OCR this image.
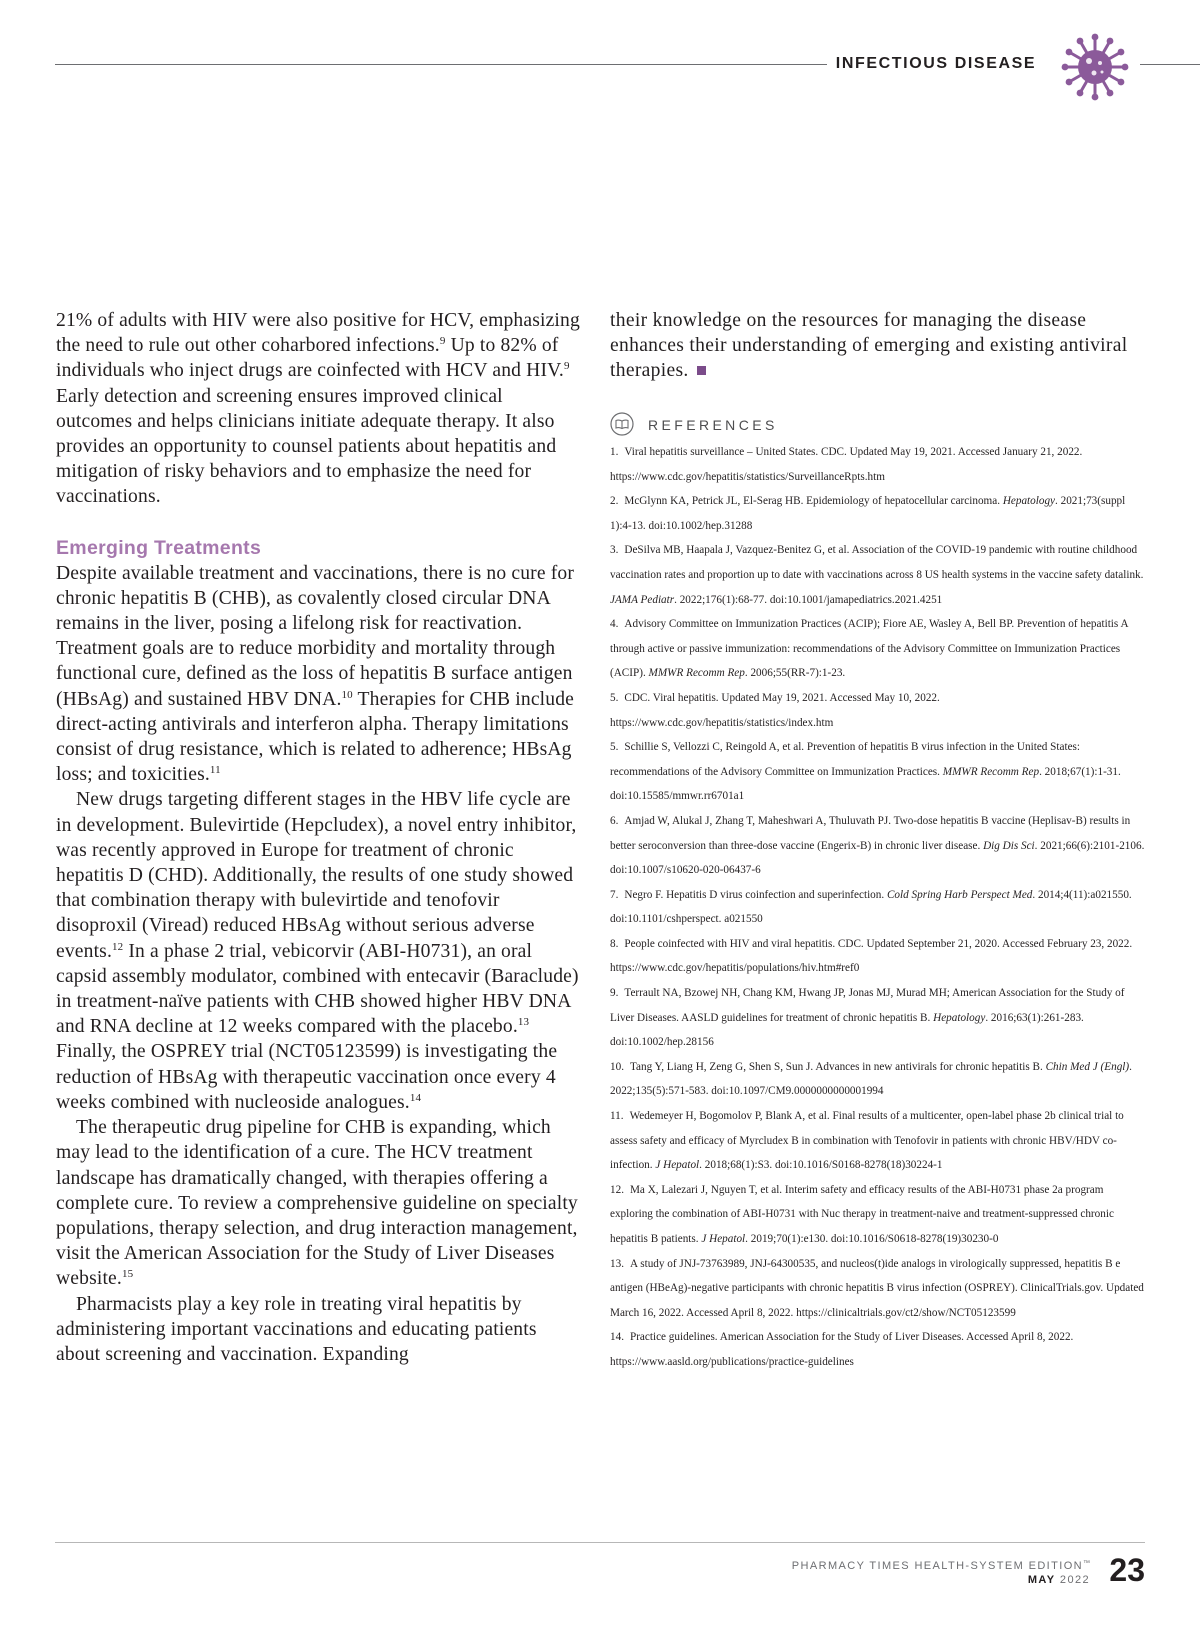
INFECTIOUS DISEASE

21% of adults with HIV were also positive for HCV, emphasizing the need to rule out other coharbored infections.$^9$ Up to 82% of individuals who inject drugs are coinfected with HCV and HIV.$^9$ Early detection and screening ensures improved clinical outcomes and helps clinicians initiate adequate therapy. It also provides an opportunity to counsel patients about hepatitis and mitigation of risky behaviors and to emphasize the need for vaccinations.

Emerging Treatments

Despite available treatment and vaccinations, there is no cure for chronic hepatitis B (CHB), as covalently closed circular DNA remains in the liver, posing a lifelong risk for reactivation. Treatment goals are to reduce morbidity and mortality through functional cure, defined as the loss of hepatitis B surface antigen (HBsAg) and sustained HBV DNA.$^{10}$ Therapies for CHB include direct-acting antivirals and interferon alpha. Therapy limitations consist of drug resistance, which is related to adherence; HBsAg loss; and toxicities.$^{11}$

New drugs targeting different stages in the HBV life cycle are in development. Bulevirtide (Hepcludex), a novel entry inhibitor, was recently approved in Europe for treatment of chronic hepatitis D (CHD). Additionally, the results of one study showed that combination therapy with bulevirtide and tenofovir disoproxil (Viread) reduced HBsAg without serious adverse events.$^{12}$ In a phase 2 trial, vebicorvir (ABI-H0731), an oral capsid assembly modulator, combined with entecavir (Baraclude) in treatment-naïve patients with CHB showed higher HBV DNA and RNA decline at 12 weeks compared with the placebo.$^{13}$ Finally, the OSPREY trial (NCT05123599) is investigating the reduction of HBsAg with therapeutic vaccination once every 4 weeks combined with nucleoside analogues.$^{14}$

The therapeutic drug pipeline for CHB is expanding, which may lead to the identification of a cure. The HCV treatment landscape has dramatically changed, with therapies offering a complete cure. To review a comprehensive guideline on specialty populations, therapy selection, and drug interaction management, visit the American Association for the Study of Liver Diseases website.$^{15}$

Pharmacists play a key role in treating viral hepatitis by administering important vaccinations and educating patients about screening and vaccination. Expanding

their knowledge on the resources for managing the disease enhances their understanding of emerging and existing antiviral therapies.

REFERENCES

1. Viral hepatitis surveillance – United States. CDC. Updated May 19, 2021. Accessed January 21, 2022. https://www.cdc.gov/hepatitis/statistics/SurveillanceRpts.htm

2. McGlynn KA, Petrick JL, El-Serag HB. Epidemiology of hepatocellular carcinoma. Hepatology. 2021;73(suppl 1):4-13. doi:10.1002/hep.31288

3. DeSilva MB, Haapala J, Vazquez-Benitez G, et al. Association of the COVID-19 pandemic with routine childhood vaccination rates and proportion up to date with vaccinations across 8 US health systems in the vaccine safety datalink. JAMA Pediatr. 2022;176(1):68-77. doi:10.1001/jamapediatrics.2021.4251

4. Advisory Committee on Immunization Practices (ACIP); Fiore AE, Wasley A, Bell BP. Prevention of hepatitis A through active or passive immunization: recommendations of the Advisory Committee on Immunization Practices (ACIP). MMWR Recomm Rep. 2006;55(RR-7):1-23.

5. CDC. Viral hepatitis. Updated May 19, 2021. Accessed May 10, 2022. https://www.cdc.gov/hepatitis/statistics/index.htm

5. Schillie S, Vellozzi C, Reingold A, et al. Prevention of hepatitis B virus infection in the United States: recommendations of the Advisory Committee on Immunization Practices. MMWR Recomm Rep. 2018;67(1):1-31. doi:10.15585/mmwr.rr6701a1

6. Amjad W, Alukal J, Zhang T, Maheshwari A, Thuluvath PJ. Two-dose hepatitis B vaccine (Heplisav-B) results in better seroconversion than three-dose vaccine (Engerix-B) in chronic liver disease. Dig Dis Sci. 2021;66(6):2101-2106. doi:10.1007/s10620-020-06437-6

7. Negro F. Hepatitis D virus coinfection and superinfection. Cold Spring Harb Perspect Med. 2014;4(11):a021550. doi:10.1101/cshperspect. a021550

8. People coinfected with HIV and viral hepatitis. CDC. Updated September 21, 2020. Accessed February 23, 2022. https://www.cdc.gov/hepatitis/populations/hiv.htm#ref0

9. Terrault NA, Bzowej NH, Chang KM, Hwang JP, Jonas MJ, Murad MH; American Association for the Study of Liver Diseases. AASLD guidelines for treatment of chronic hepatitis B. Hepatology. 2016;63(1):261-283. doi:10.1002/hep.28156

10. Tang Y, Liang H, Zeng G, Shen S, Sun J. Advances in new antivirals for chronic hepatitis B. Chin Med J (Engl). 2022;135(5):571-583. doi:10.1097/CM9.0000000000001994

11. Wedemeyer H, Bogomolov P, Blank A, et al. Final results of a multicenter, open-label phase 2b clinical trial to assess safety and efficacy of Myrcludex B in combination with Tenofovir in patients with chronic HBV/HDV co-infection. J Hepatol. 2018;68(1):S3. doi:10.1016/S0168-8278(18)30224-1

12. Ma X, Lalezari J, Nguyen T, et al. Interim safety and efficacy results of the ABI-H0731 phase 2a program exploring the combination of ABI-H0731 with Nuc therapy in treatment-naive and treatment-suppressed chronic hepatitis B patients. J Hepatol. 2019;70(1):e130. doi:10.1016/S0618-8278(19)30230-0

13. A study of JNJ-73763989, JNJ-64300535, and nucleos(t)ide analogs in virologically suppressed, hepatitis B e antigen (HBeAg)-negative participants with chronic hepatitis B virus infection (OSPREY). ClinicalTrials.gov. Updated March 16, 2022. Accessed April 8, 2022. https://clinicaltrials.gov/ct2/show/NCT05123599

14. Practice guidelines. American Association for the Study of Liver Diseases. Accessed April 8, 2022. https://www.aasld.org/publications/practice-guidelines

PHARMACY TIMES HEALTH-SYSTEM EDITION™
MAY 2022 23
